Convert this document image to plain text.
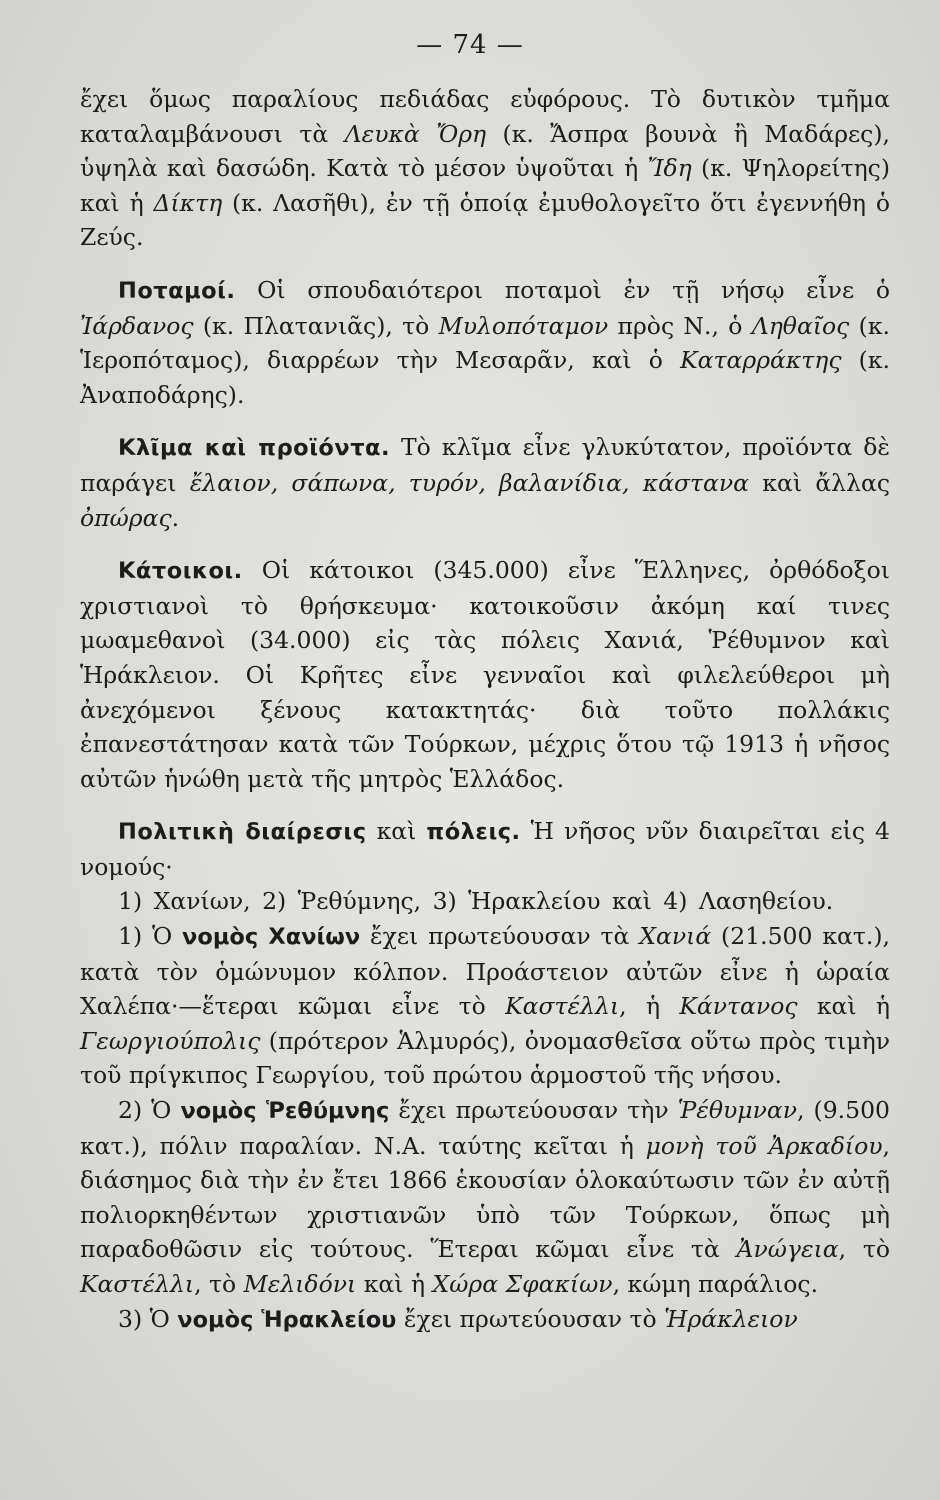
— 74 —

ἔχει ὅμως παραλίους πεδιάδας εὐφόρους. Τὸ δυτικὸν τμῆμα καταλαμβάνουσι τὰ Λευκὰ Ὄρη (κ. Ἄσπρα βουνὰ ἢ Μαδάρες), ὑψηλὰ καὶ δασώδη. Κατὰ τὸ μέσον ὑψοῦται ἡ Ἴδη (κ. Ψηλορείτης) καὶ ἡ Δίκτη (κ. Λασῆθι), ἐν τῇ ὁποίᾳ ἐμυθολογεῖτο ὅτι ἐγεννήθη ὁ Ζεύς.

Ποταμοί. Οἱ σπουδαιότεροι ποταμοὶ ἐν τῇ νήσῳ εἶνε ὁ Ἰάρδανος (κ. Πλατανιᾶς), τὸ Μυλοπόταμον πρὸς Ν., ὁ Ληθαῖος (κ. Ἱεροπόταμος), διαρρέων τὴν Μεσαρᾶν, καὶ ὁ Καταρράκτης (κ. Ἀναποδάρης).

Κλῖμα καὶ προϊόντα. Τὸ κλῖμα εἶνε γλυκύτατον, προϊόντα δὲ παράγει ἔλαιον, σάπωνα, τυρόν, βαλανίδια, κάστανα καὶ ἄλλας ὀπώρας.

Κάτοικοι. Οἱ κάτοικοι (345.000) εἶνε Ἕλληνες, ὀρθόδοξοι χριστιανοὶ τὸ θρήσκευμα· κατοικοῦσιν ἀκόμη καί τινες μωαμεθανοὶ (34.000) εἰς τὰς πόλεις Χανιά, Ῥέθυμνον καὶ Ἡράκλειον. Οἱ Κρῆτες εἶνε γενναῖοι καὶ φιλελεύθεροι μὴ ἀνεχόμενοι ξένους κατακτητάς· διὰ τοῦτο πολλάκις ἐπανεστάτησαν κατὰ τῶν Τούρκων, μέχρις ὅτου τῷ 1913 ἡ νῆσος αὐτῶν ἡνώθη μετὰ τῆς μητρὸς Ἑλλάδος.

Πολιτικὴ διαίρεσις καὶ πόλεις. Ἡ νῆσος νῦν διαιρεῖται εἰς 4 νομούς·

1) Χανίων, 2) Ῥεθύμνης, 3) Ἡρακλείου καὶ 4) Λασηθείου.

1) Ὁ νομὸς Χανίων ἔχει πρωτεύουσαν τὰ Χανιά (21.500 κατ.), κατὰ τὸν ὁμώνυμον κόλπον. Προάστειον αὐτῶν εἶνε ἡ ὡραία Χαλέπα·—ἕτεραι κῶμαι εἶνε τὸ Καστέλλι, ἡ Κάντανος καὶ ἡ Γεωργιούπολις (πρότερον Ἁλμυρός), ὀνομασθεῖσα οὕτω πρὸς τιμὴν τοῦ πρίγκιπος Γεωργίου, τοῦ πρώτου ἁρμοστοῦ τῆς νήσου.

2) Ὁ νομὸς Ῥεθύμνης ἔχει πρωτεύουσαν τὴν Ῥέθυμναν, (9.500 κατ.), πόλιν παραλίαν. Ν.Α. ταύτης κεῖται ἡ μονὴ τοῦ Ἀρκαδίου, διάσημος διὰ τὴν ἐν ἔτει 1866 ἑκουσίαν ὁλοκαύτωσιν τῶν ἐν αὐτῇ πολιορκηθέντων χριστιανῶν ὑπὸ τῶν Τούρκων, ὅπως μὴ παραδοθῶσιν εἰς τούτους. Ἕτεραι κῶμαι εἶνε τὰ Ἀνώγεια, τὸ Καστέλλι, τὸ Μελιδόνι καὶ ἡ Χώρα Σφακίων, κώμη παράλιος.

3) Ὁ νομὸς Ἡρακλείου ἔχει πρωτεύουσαν τὸ Ἡράκλειον
